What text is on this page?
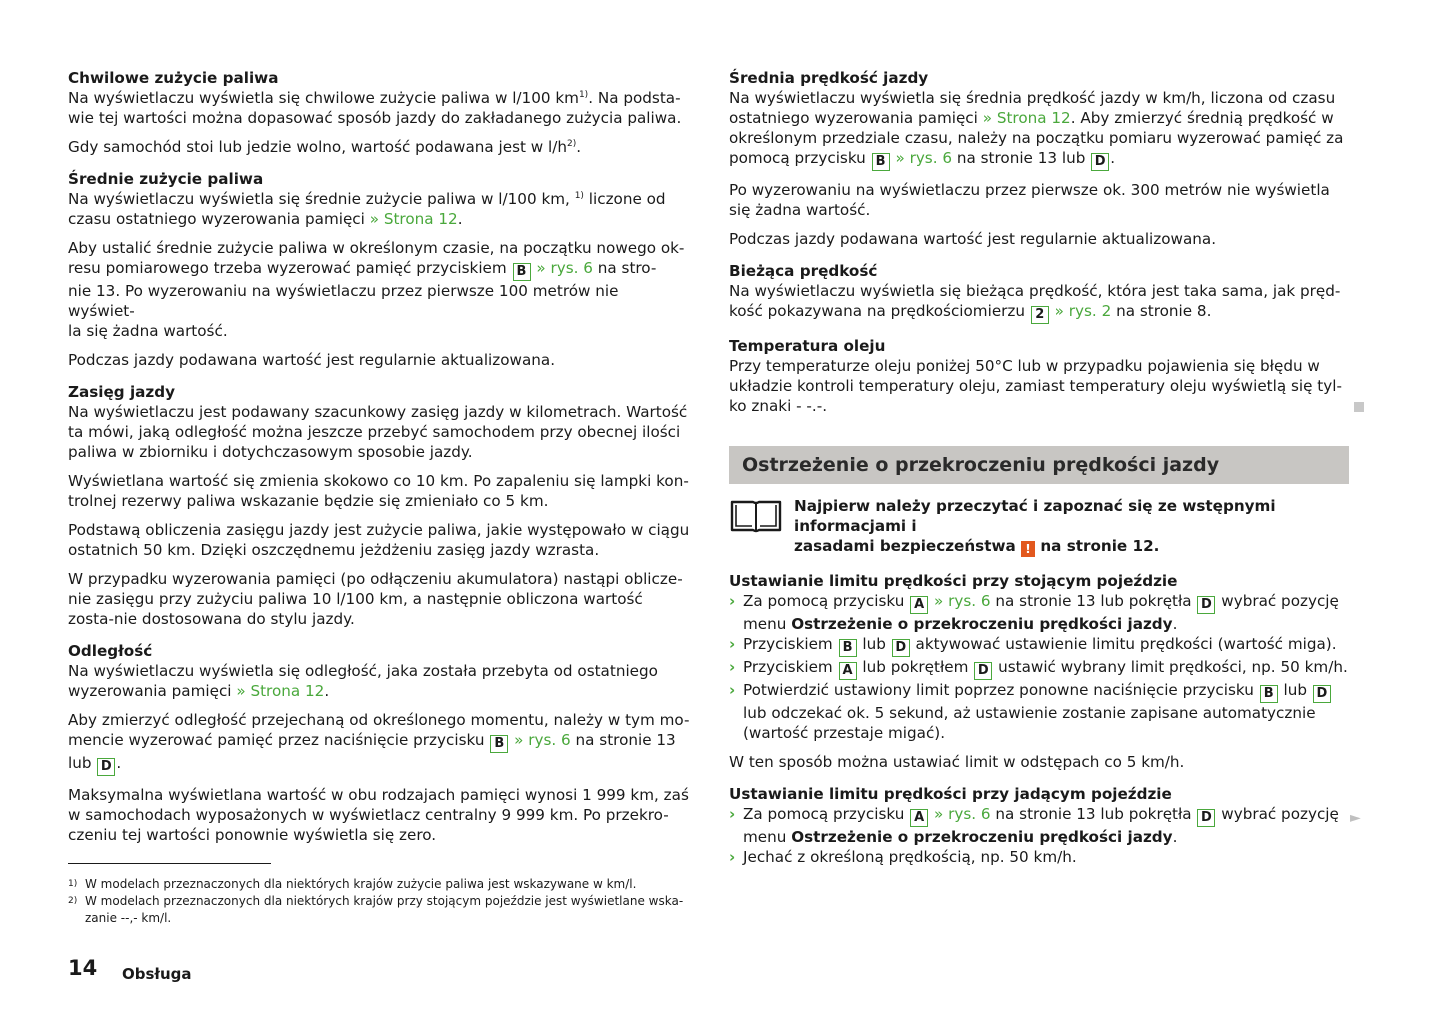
Chwilowe zużycie paliwa

Na wyświetlaczu wyświetla się chwilowe zużycie paliwa w l/100 $km^{1)}$. Na podsta-
wie tej wartości można dopasować sposób jazdy do zakładanego zużycia paliwa.

Gdy samochód stoi lub jedzie wolno, wartość podawana jest w $l/h^{2)}$.

Średnie zużycie paliwa

Na wyświetlaczu wyświetla się średnie zużycie paliwa w l/100 km, $^{1)}$ liczone od
czasu ostatniego wyzerowania pamięci » Strona 12.

Aby ustalić średnie zużycie paliwa w określonym czasie, na początku nowego ok-
resu pomiarowego trzeba wyzerować pamięć przyciskiem B » rys. 6 na stro-
nie 13. Po wyzerowaniu na wyświetlaczu przez pierwsze 100 metrów nie wyświet-
la się żadna wartość.

Podczas jazdy podawana wartość jest regularnie aktualizowana.

Zasięg jazdy

Na wyświetlaczu jest podawany szacunkowy zasięg jazdy w kilometrach. Wartość ta mówi, jaką odległość można jeszcze przebyć samochodem przy obecnej ilości paliwa w zbiorniku i dotychczasowym sposobie jazdy.

Wyświetlana wartość się zmienia skokowo co 10 km. Po zapaleniu się lampki kon-trolnej rezerwy paliwa wskazanie będzie się zmieniało co 5 km.

Podstawą obliczenia zasięgu jazdy jest zużycie paliwa, jakie występowało w ciągu ostatnich 50 km. Dzięki oszczędnemu jeżdżeniu zasięg jazdy wzrasta.

W przypadku wyzerowania pamięci (po odłączeniu akumulatora) nastąpi oblicze-nie zasięgu przy zużyciu paliwa 10 l/100 km, a następnie obliczona wartość zosta-nie dostosowana do stylu jazdy.

Odległość

Na wyświetlaczu wyświetla się odległość, jaka została przebyta od ostatniego
wyzerowania pamięci » Strona 12.

Aby zmierzyć odległość przejechaną od określonego momentu, należy w tym mo-
mencie wyzerować pamięć przez naciśnięcie przycisku B » rys. 6 na stronie 13
lub D .

Maksymalna wyświetlana wartość w obu rodzajach pamięci wynosi 1 999 km, zaś w samochodach wyposażonych w wyświetlacz centralny 9 999 km. Po przekro-czeniu tej wartości ponownie wyświetla się zero.

Średnia prędkość jazdy

Na wyświetlaczu wyświetla się średnia prędkość jazdy w km/h, liczona od czasu
ostatniego wyzerowania pamięci » Strona 12. Aby zmierzyć średnią prędkość w
określonym przedziale czasu, należy na początku pomiaru wyzerować pamięć za
pomocą przycisku B » rys. 6 na stronie 13 lub D .

Po wyzerowaniu na wyświetlaczu przez pierwsze ok. 300 metrów nie wyświetla się żadna wartość.

Podczas jazdy podawana wartość jest regularnie aktualizowana.

Bieżąca prędkość

Na wyświetlaczu wyświetla się bieżąca prędkość, która jest taka sama, jak pręd-
kość pokazywana na prędkościomierzu 2 » rys. 2 na stronie 8.

Temperatura oleju

Przy temperaturze oleju poniżej 50°C lub w przypadku pojawienia się błędu w układzie kontroli temperatury oleju, zamiast temperatury oleju wyświetlą się tyl-ko znaki - -.-.

Ostrzeżenie o przekroczeniu prędkości jazdy
Najpierw należy przeczytać i zapoznać się ze wstępnymi informacjami i
zasadami bezpieczeństwa ! na stronie 12.
Ustawianie limitu prędkości przy stojącym pojeździe
› Za pomocą przycisku A » rys. 6 na stronie 13 lub pokrętła D wybrać pozycję
menu Ostrzeżenie o przekroczeniu prędkości jazdy.
› Przyciskiem B lub D aktywować ustawienie limitu prędkości (wartość miga).
› Przyciskiem A lub pokrętłem D ustawić wybrany limit prędkości, np. 50 km/h.
› Potwierdzić ustawiony limit poprzez ponowne naciśnięcie przycisku B lub D
lub odczekać ok. 5 sekund, aż ustawienie zostanie zapisane automatycznie
(wartość przestaje migać).

W ten sposób można ustawiać limit w odstępach co 5 km/h.

Ustawianie limitu prędkości przy jadącym pojeździe
› Za pomocą przycisku A » rys. 6 na stronie 13 lub pokrętła D wybrać pozycję
menu Ostrzeżenie o przekroczeniu prędkości jazdy.
› Jechać z określoną prędkością, np. 50 km/h.
►
1) W modelach przeznaczonych dla niektórych krajów zużycie paliwa jest wskazywane w km/l.
2) W modelach przeznaczonych dla niektórych krajów przy stojącym pojeździe jest wyświetlane wska-zanie --,- km/l.
14 Obsługa
